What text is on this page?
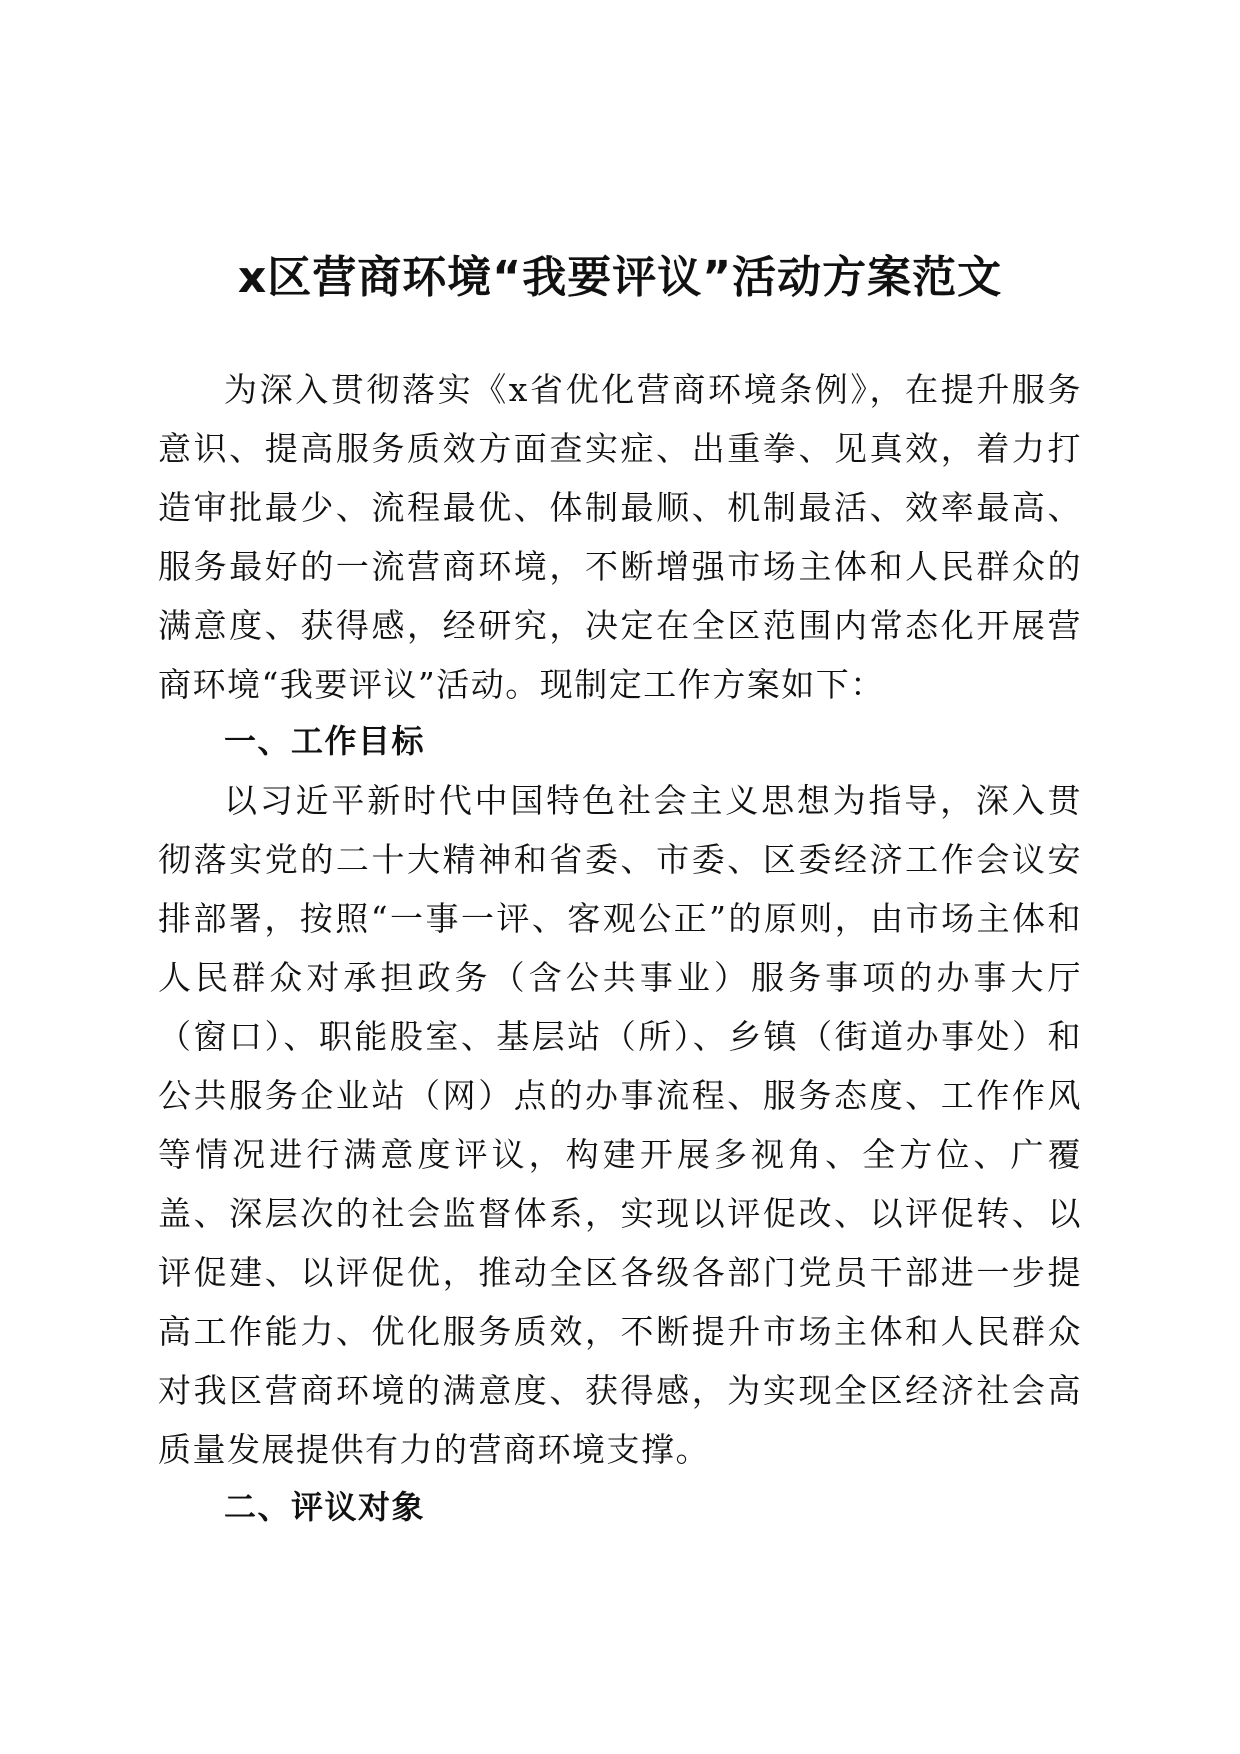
x区营商环境“我要评议”活动方案范文

为深入贯彻落实《x省优化营商环境条例》，在提升服务意识、提高服务质效方面查实症、出重拳、见真效，着力打造审批最少、流程最优、体制最顺、机制最活、效率最高、服务最好的一流营商环境，不断增强市场主体和人民群众的满意度、获得感，经研究，决定在全区范围内常态化开展营商环境“我要评议”活动。现制定工作方案如下：

一、工作目标

以习近平新时代中国特色社会主义思想为指导，深入贯彻落实党的二十大精神和省委、市委、区委经济工作会议安排部署，按照“一事一评、客观公正”的原则，由市场主体和人民群众对承担政务（含公共事业）服务事项的办事大厅（窗口）、职能股室、基层站（所）、乡镇（街道办事处）和公共服务企业站（网）点的办事流程、服务态度、工作作风等情况进行满意度评议，构建开展多视角、全方位、广覆盖、深层次的社会监督体系，实现以评促改、以评促转、以评促建、以评促优，推动全区各级各部门党员干部进一步提高工作能力、优化服务质效，不断提升市场主体和人民群众对我区营商环境的满意度、获得感，为实现全区经济社会高质量发展提供有力的营商环境支撑。

二、评议对象
